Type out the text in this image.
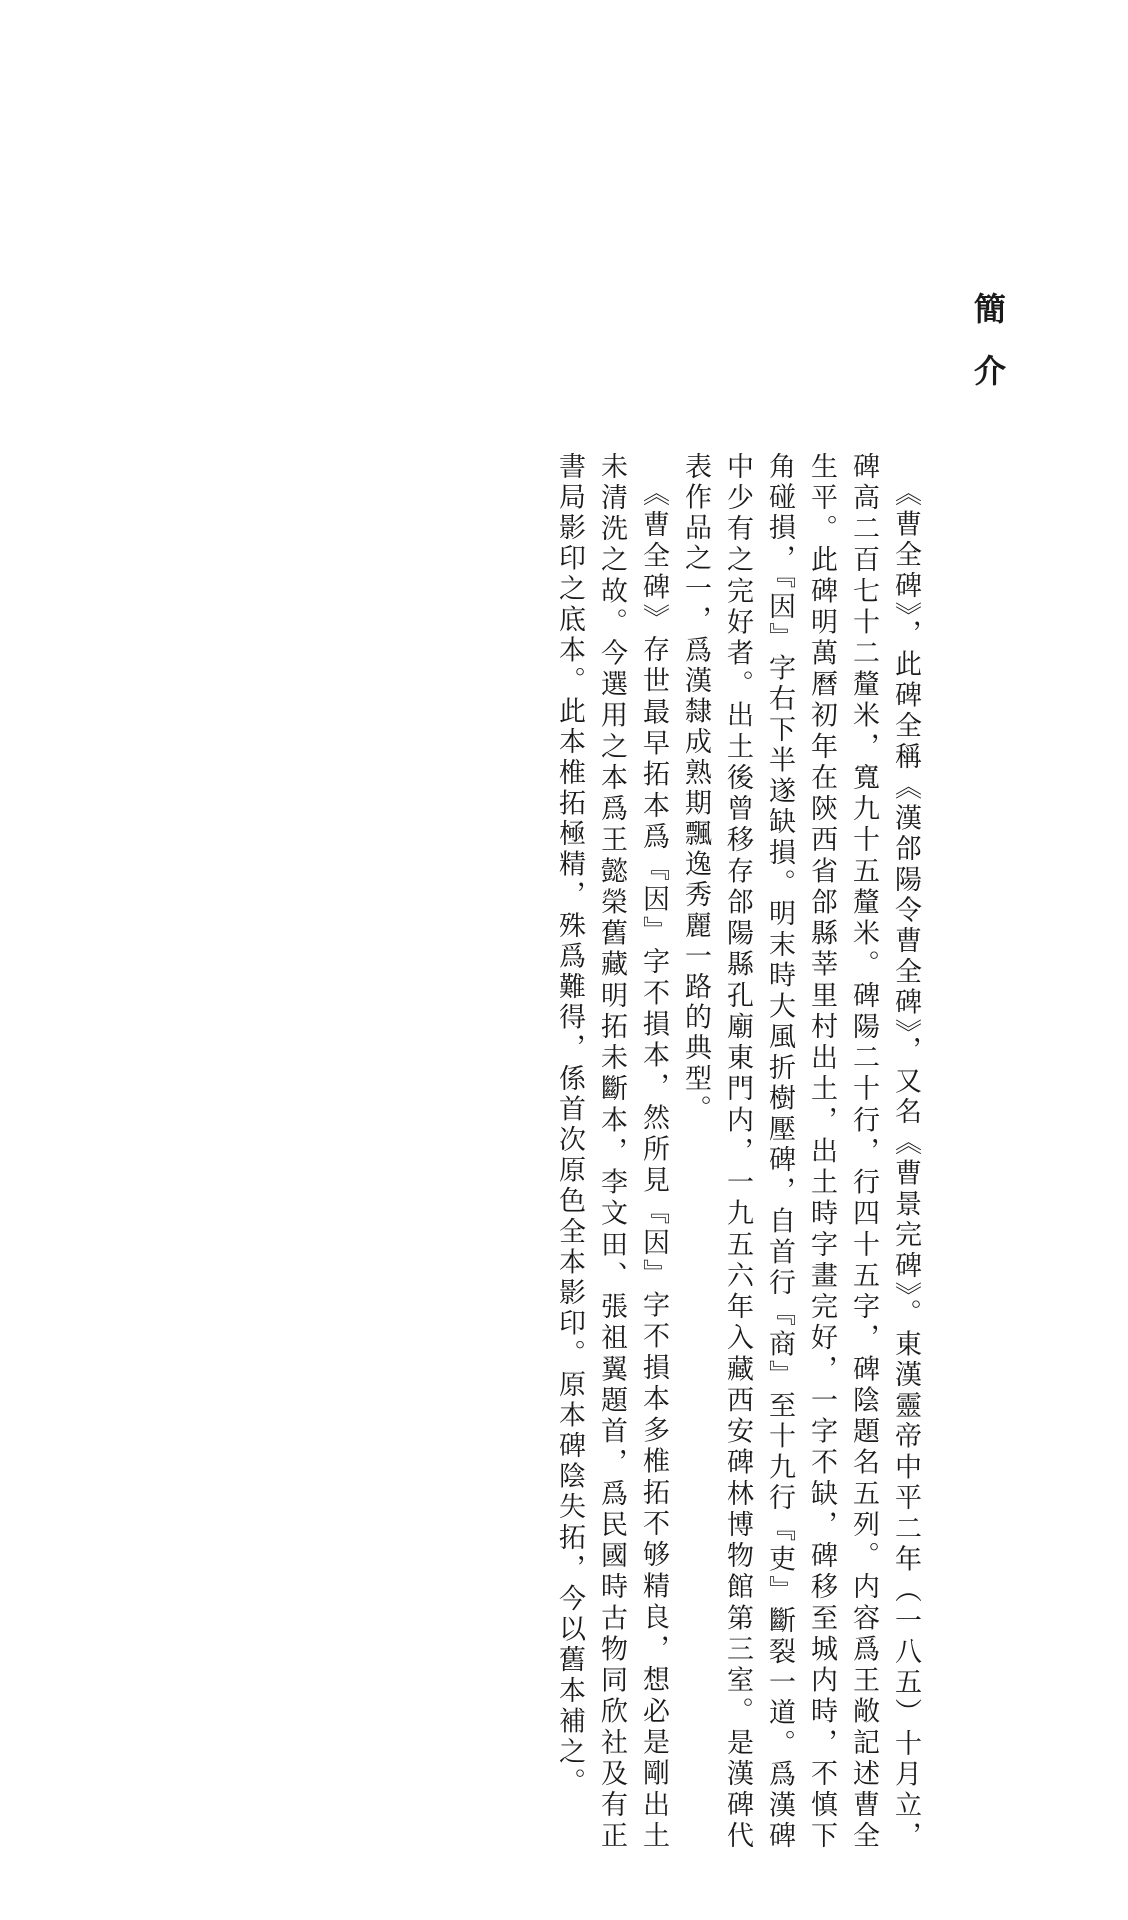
簡介

《曹全碑》，此碑全稱《漢郃陽令曹全碑》，又名《曹景完碑》。東漢靈帝中平二年（一八五）十月立，碑高二百七十二釐米，寬九十五釐米。碑陽二十行，行四十五字，碑陰題名五列。内容爲王敞記述曹全生平。此碑明萬曆初年在陝西省郃縣莘里村出土，出土時字畫完好，一字不缺，碑移至城内時，不慎下角碰損，『因』字右下半遂缺損。明末時大風折樹壓碑，自首行『商』至十九行『吏』斷裂一道。爲漢碑中少有之完好者。出土後曾移存郃陽縣孔廟東門内，一九五六年入藏西安碑林博物館第三室。是漢碑代表作品之一，爲漢隸成熟期飄逸秀麗一路的典型。

《曹全碑》存世最早拓本爲『因』字不損本，然所見『因』字不損本多椎拓不够精良，想必是剛出土未清洗之故。今選用之本爲王懿榮舊藏明拓未斷本，李文田、張祖翼題首，爲民國時古物同欣社及有正書局影印之底本。此本椎拓極精，殊爲難得，係首次原色全本影印。原本碑陰失拓，今以舊本補之。
